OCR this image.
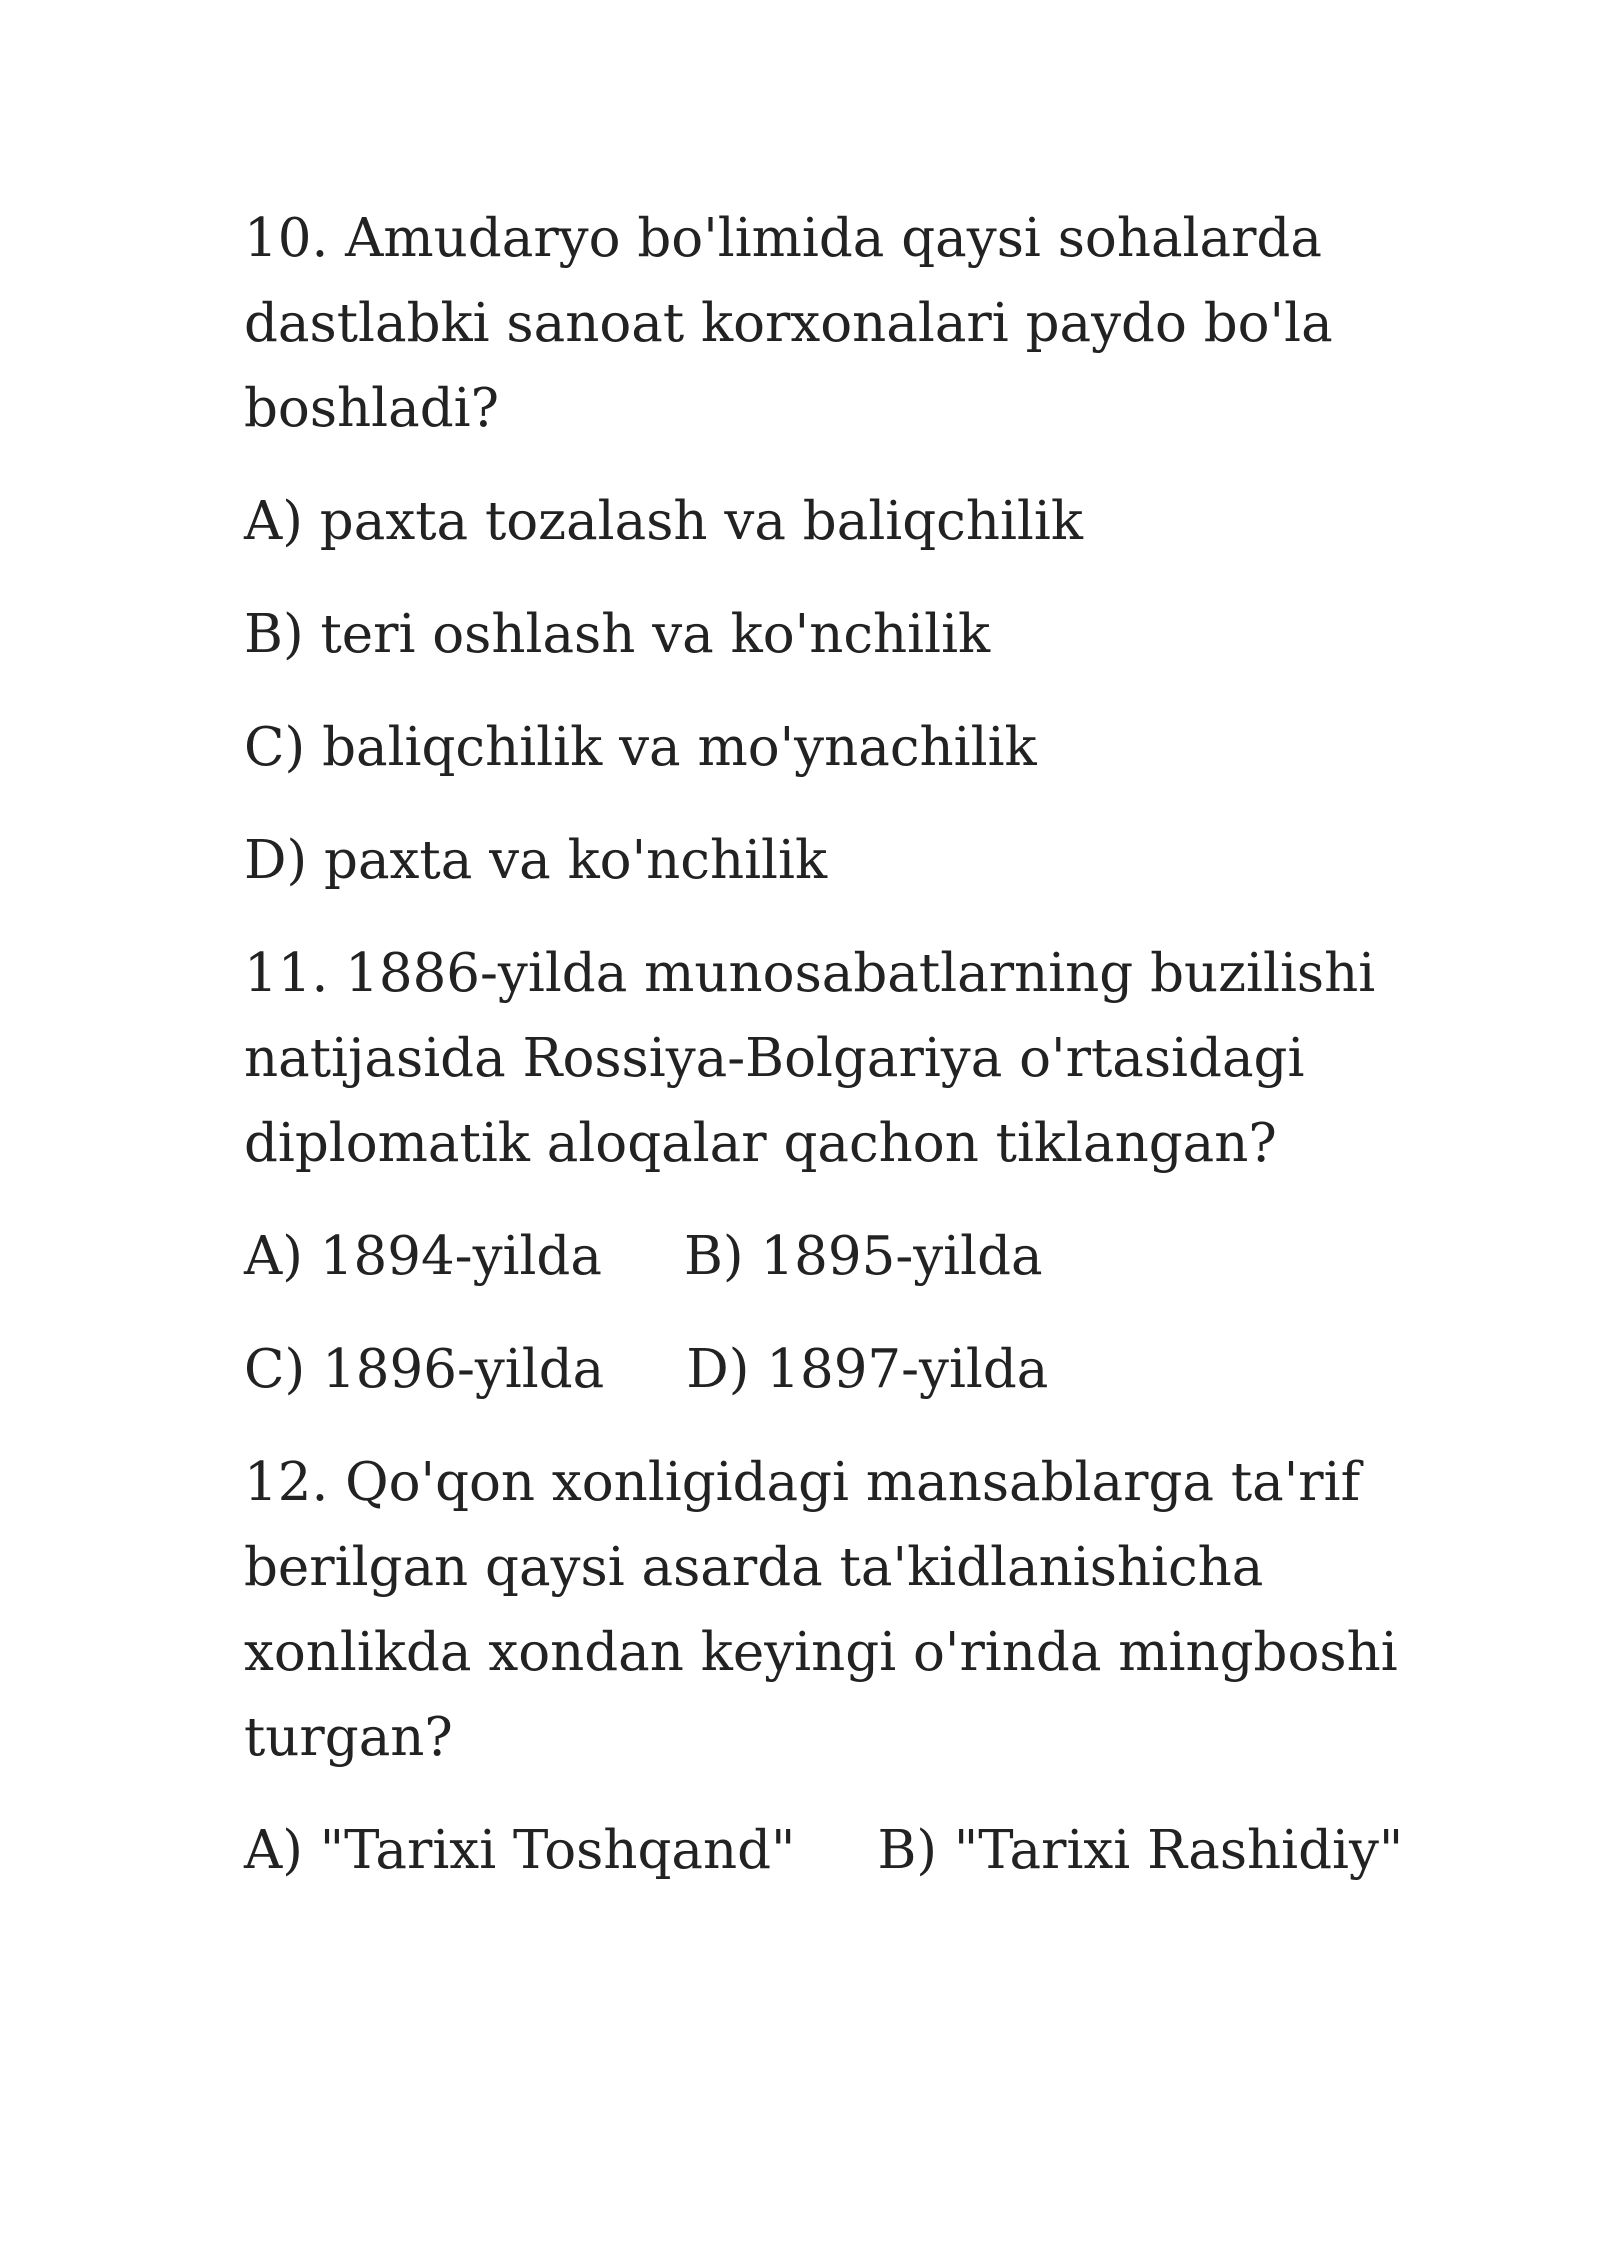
10. Amudaryo bo'limida qaysi sohalarda dastlabki sanoat korxonalari paydo bo'la boshladi?

A) paxta tozalash va baliqchilik

B) teri oshlash va ko'nchilik

C) baliqchilik va mo'ynachilik

D) paxta va ko'nchilik

11. 1886-yilda munosabatlarning buzilishi natijasida Rossiya-Bolgariya o'rtasidagi diplomatik aloqalar qachon tiklangan?

A) 1894-yilda B) 1895-yilda

C) 1896-yilda D) 1897-yilda

12. Qo'qon xonligidagi mansablarga ta'rif berilgan qaysi asarda ta'kidlanishicha xonlikda xondan keyingi o'rinda mingboshi turgan?

A) "Tarixi Toshqand" B) "Tarixi Rashidiy"
